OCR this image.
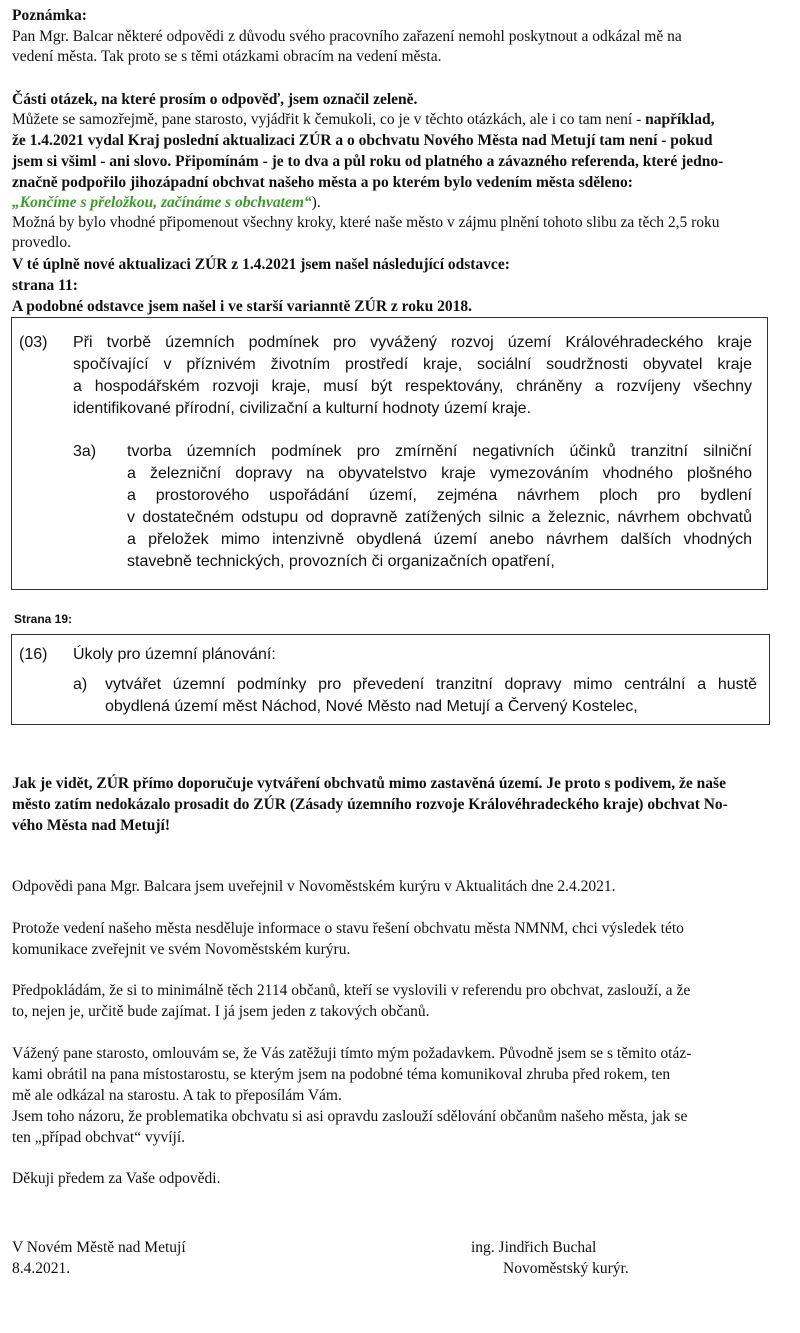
Poznámka:
Pan Mgr. Balcar některé odpovědi z důvodu svého pracovního zařazení nemohl poskytnout a odkázal mě na
vedení města. Tak proto se s těmi otázkami obracím na vedení města.
Části otázek, na které prosím o odpověď, jsem označil zeleně.
Můžete se samozřejmě, pane starosto, vyjádřit k čemukoli, co je v těchto otázkách, ale i co tam není - například,
že 1.4.2021 vydal Kraj poslední aktualizaci ZÚR a o obchvatu Nového Města nad Metují tam není - pokud
jsem si všiml - ani slovo. Připomínám - je to dva a půl roku od platného a závazného referenda, které jedno-
značně podpořilo jihozápadní obchvat našeho města a po kterém bylo vedením města sděleno:
„Končíme s přeložkou, začínáme s obchvatem“).
Možná by bylo vhodné připomenout všechny kroky, které naše město v zájmu plnění tohoto slibu za těch 2,5 roku
provedlo.
V té úplně nové aktualizaci ZÚR z 1.4.2021 jsem našel následující odstavce:
strana 11:
A podobné odstavce jsem našel i ve starší varianntě ZÚR z roku 2018.
(03) Při tvorbě územních podmínek pro vyvážený rozvoj území Královéhradeckého kraje

spočívající v příznivém životním prostředí kraje, sociální soudržnosti obyvatel kraje

a hospodářském rozvoji kraje, musí být respektovány, chráněny a rozvíjeny všechny

identifikované přírodní, civilizační a kulturní hodnoty území kraje.

3a) tvorba územních podmínek pro zmírnění negativních účinků tranzitní silniční

a železniční dopravy na obyvatelstvo kraje vymezováním vhodného plošného

a prostorového uspořádání území, zejména návrhem ploch pro bydlení

v dostatečném odstupu od dopravně zatížených silnic a železnic, návrhem obchvatů

a přeložek mimo intenzivně obydlená území anebo návrhem dalších vhodných

stavebně technických, provozních či organizačních opatření,

Strana 19:
(16) Úkoly pro územní plánování:
a) vytvářet územní podmínky pro převedení tranzitní dopravy mimo centrální a hustě

obydlená území měst Náchod, Nové Město nad Metují a Červený Kostelec,

Jak je vidět, ZÚR přímo doporučuje vytváření obchvatů mimo zastavěná území. Je proto s podivem, že naše
město zatím nedokázalo prosadit do ZÚR (Zásady územního rozvoje Královéhradeckého kraje) obchvat No-
vého Města nad Metují!
Odpovědi pana Mgr. Balcara jsem uveřejnil v Novoměstském kurýru v Aktualitách dne 2.4.2021.
Protože vedení našeho města nesděluje informace o stavu řešení obchvatu města NMNM, chci výsledek této
komunikace zveřejnit ve svém Novoměstském kurýru.
Předpokládám, že si to minimálně těch 2114 občanů, kteří se vyslovili v referendu pro obchvat, zaslouží, a že
to, nejen je, určitě bude zajímat. I já jsem jeden z takových občanů.
Vážený pane starosto, omlouvám se, že Vás zatěžuji tímto mým požadavkem. Původně jsem se s těmito otáz-
kami obrátil na pana místostarostu, se kterým jsem na podobné téma komunikoval zhruba před rokem, ten
mě ale odkázal na starostu. A tak to přeposílám Vám.
Jsem toho názoru, že problematika obchvatu si asi opravdu zaslouží sdělování občanům našeho města, jak se
ten „případ obchvat“ vyvíjí.
Děkuji předem za Vaše odpovědi.
V Novém Městě nad Metují
8.4.2021.
ing. Jindřich Buchal
Novoměstský kurýr.
